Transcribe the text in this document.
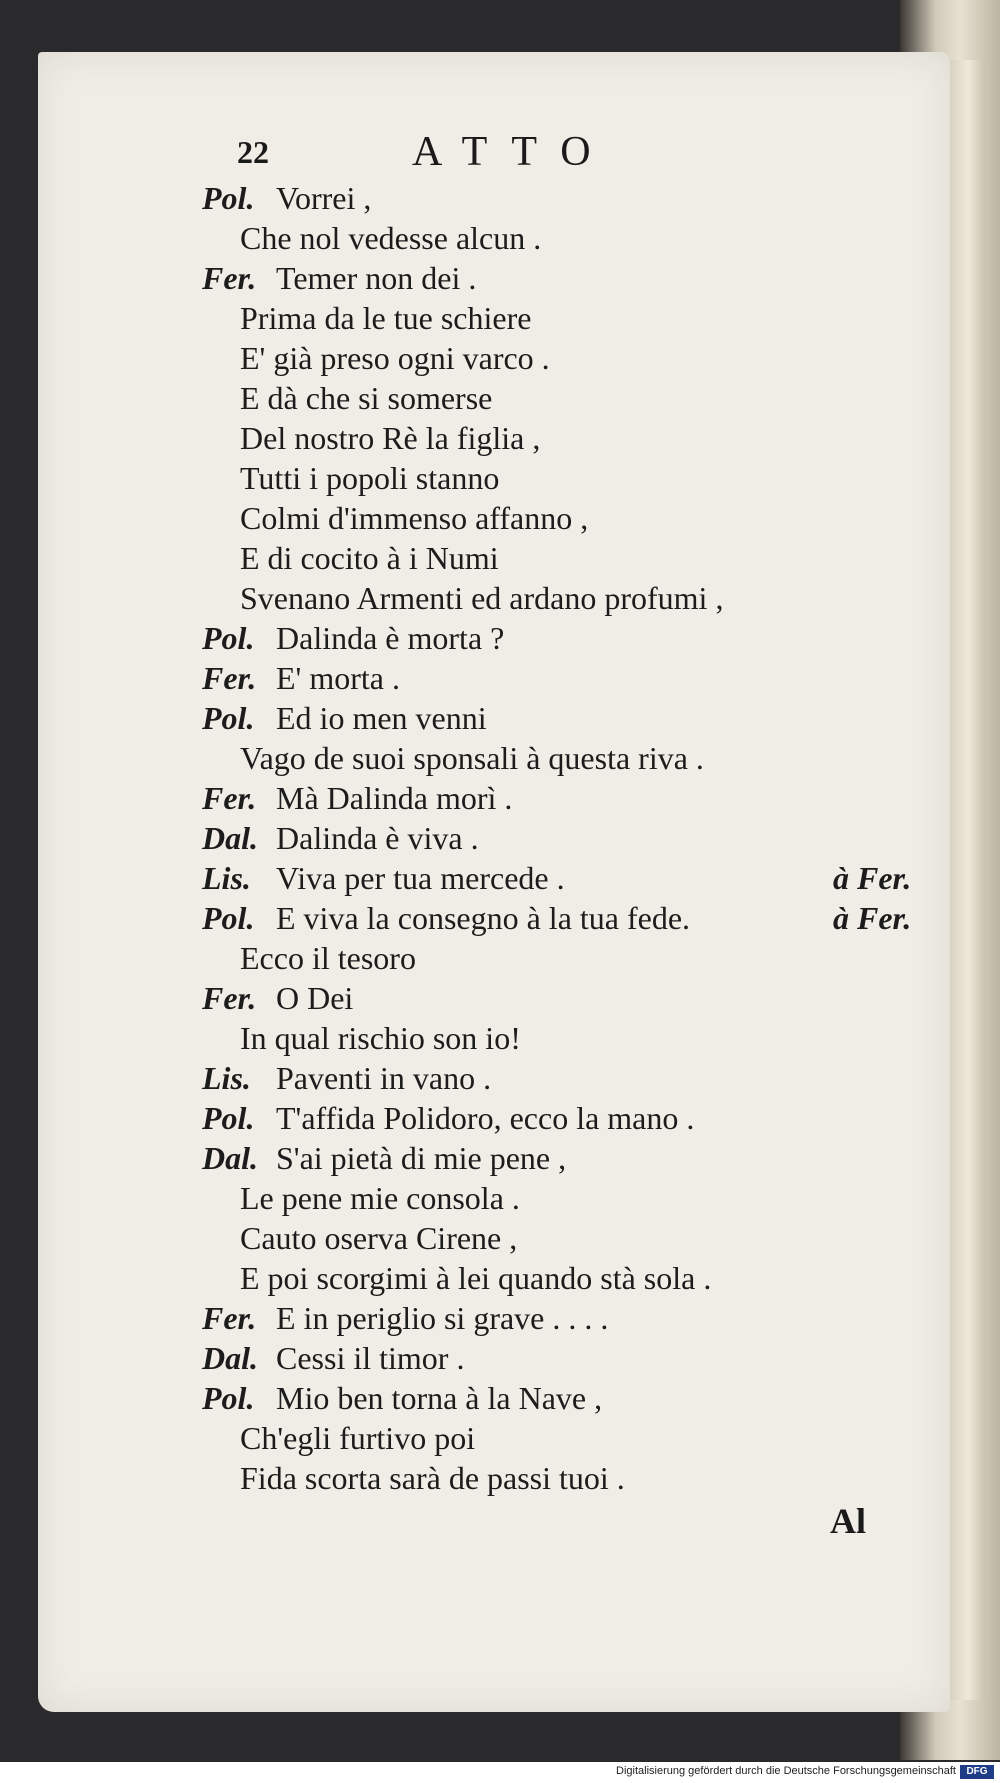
22	ATTO
Pol. Vorrei ,
Che nol vedesse alcun .
Fer. Temer non dei .
Prima da le tue schiere
E' già preso ogni varco .
E dà che si somerse
Del nostro Rè la figlia ,
Tutti i popoli stanno
Colmi d'immenso affanno ,
E di cocito à i Numi
Svenano Armenti ed ardano profumi ,
Pol. Dalinda è morta ?
Fer. E' morta .
Pol. Ed io men venni
Vago de suoi sponsali à questa riva .
Fer. Mà Dalinda morì .
Dal. Dalinda è viva .
Lis. Viva per tua mercede .	à Fer.
Pol. E viva la consegno à la tua fede.	à Fer.
Ecco il tesoro
Fer. O Dei
In qual rischio son io!
Lis. Paventi in vano .
Pol. T'affida Polidoro, ecco la mano .
Dal. S'ai pietà di mie pene ,
Le pene mie consola .
Cauto oserva Cirene ,
E poi scorgimi à lei quando stà sola .
Fer. E in periglio si grave . . . .
Dal. Cessi il timor .
Pol. Mio ben torna à la Nave ,
Ch'egli furtivo poi
Fida scorta sarà de passi tuoi .
Al
Digitalisierung gefördert durch die Deutsche Forschungsgemeinschaft	DFG
